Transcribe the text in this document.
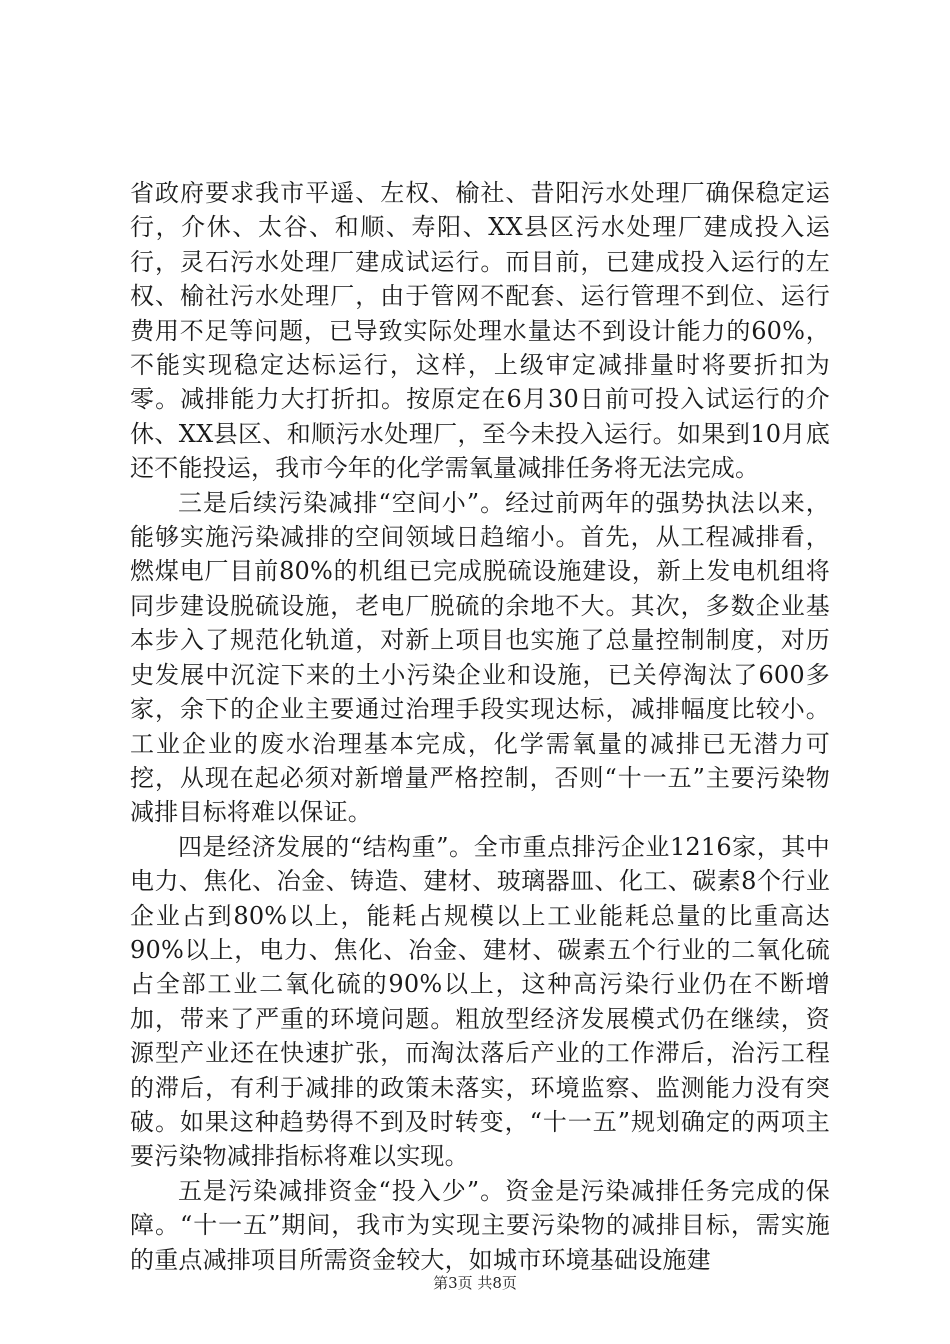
省政府要求我市平遥、左权、榆社、昔阳污水处理厂确保稳定运行，介休、太谷、和顺、寿阳、XX县区污水处理厂建成投入运行，灵石污水处理厂建成试运行。而目前，已建成投入运行的左权、榆社污水处理厂，由于管网不配套、运行管理不到位、运行费用不足等问题，已导致实际处理水量达不到设计能力的60%，不能实现稳定达标运行，这样，上级审定减排量时将要折扣为零。减排能力大打折扣。按原定在6月30日前可投入试运行的介休、XX县区、和顺污水处理厂，至今未投入运行。如果到10月底还不能投运，我市今年的化学需氧量减排任务将无法完成。

三是后续污染减排“空间小”。经过前两年的强势执法以来，能够实施污染减排的空间领域日趋缩小。首先，从工程减排看，燃煤电厂目前80%的机组已完成脱硫设施建设，新上发电机组将同步建设脱硫设施，老电厂脱硫的余地不大。其次，多数企业基本步入了规范化轨道，对新上项目也实施了总量控制制度，对历史发展中沉淀下来的土小污染企业和设施，已关停淘汰了600多家，余下的企业主要通过治理手段实现达标，减排幅度比较小。工业企业的废水治理基本完成，化学需氧量的减排已无潜力可挖，从现在起必须对新增量严格控制，否则“十一五”主要污染物减排目标将难以保证。

四是经济发展的“结构重”。全市重点排污企业1216家，其中电力、焦化、冶金、铸造、建材、玻璃器皿、化工、碳素8个行业企业占到80%以上，能耗占规模以上工业能耗总量的比重高达90%以上，电力、焦化、冶金、建材、碳素五个行业的二氧化硫占全部工业二氧化硫的90%以上，这种高污染行业仍在不断增加，带来了严重的环境问题。粗放型经济发展模式仍在继续，资源型产业还在快速扩张，而淘汰落后产业的工作滞后，治污工程的滞后，有利于减排的政策未落实，环境监察、监测能力没有突破。如果这种趋势得不到及时转变，“十一五”规划确定的两项主要污染物减排指标将难以实现。

五是污染减排资金“投入少”。资金是污染减排任务完成的保障。“十一五”期间，我市为实现主要污染物的减排目标，需实施的重点减排项目所需资金较大，如城市环境基础设施建

第3页 共8页
